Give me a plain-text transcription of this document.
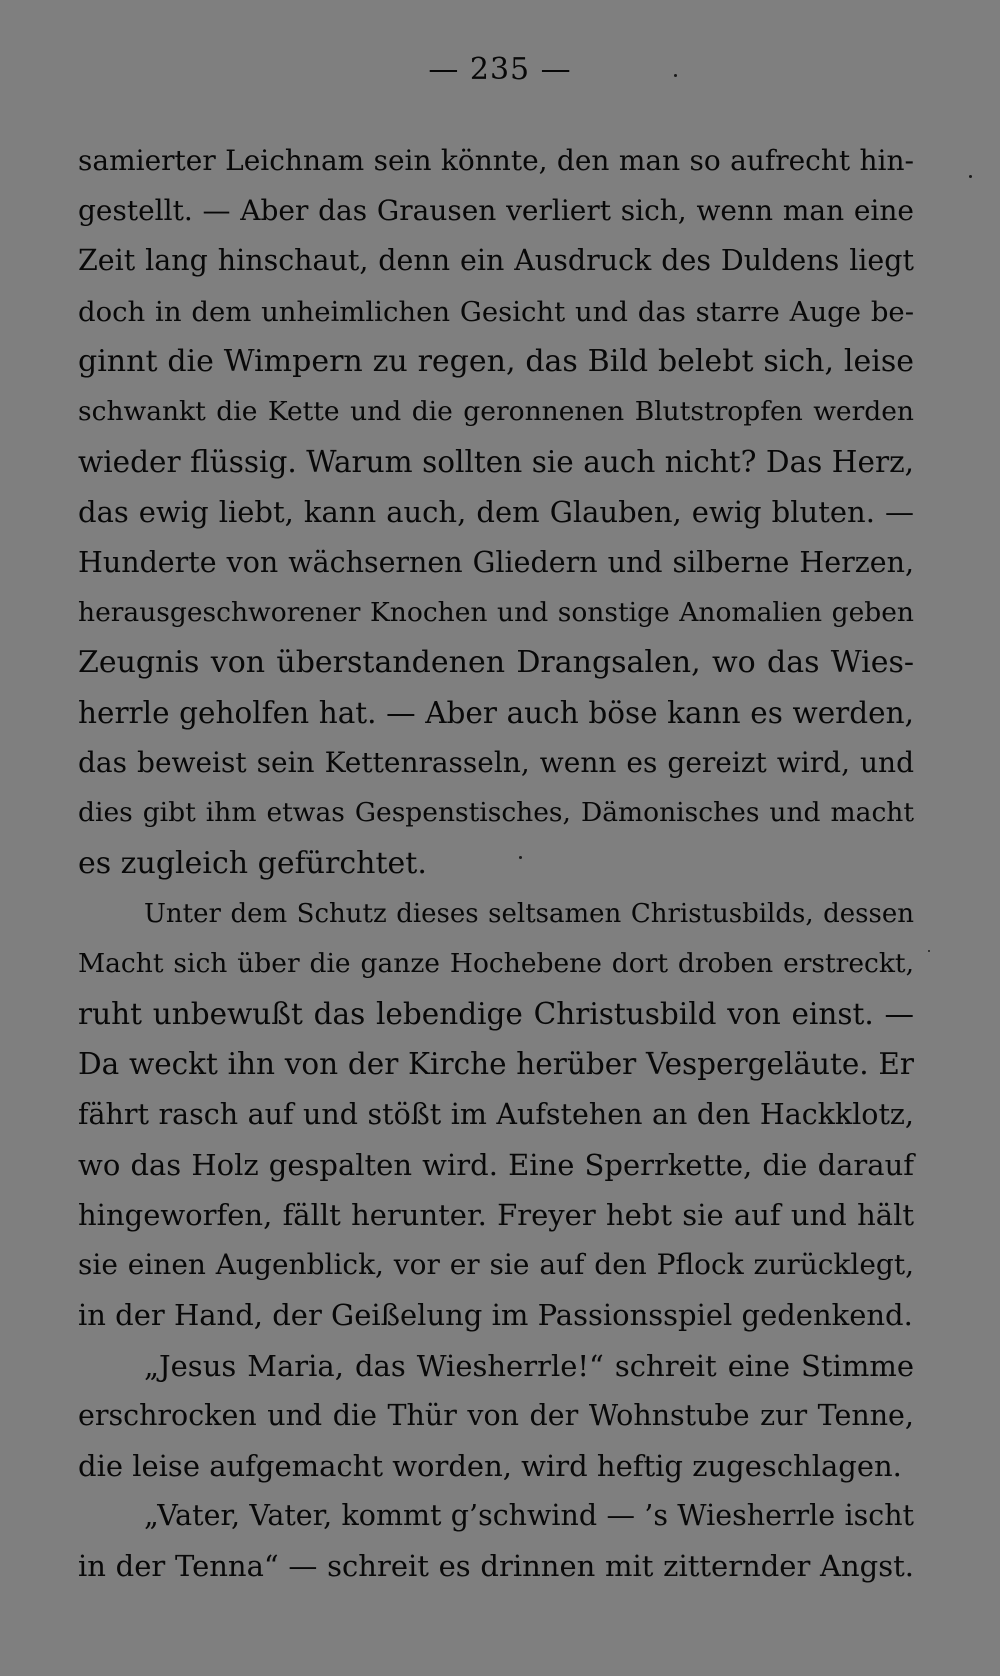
— 235 —
samierter Leichnam sein könnte, den man so aufrecht hin-
gestellt. — Aber das Grausen verliert sich, wenn man eine
Zeit lang hinschaut, denn ein Ausdruck des Duldens liegt
doch in dem unheimlichen Gesicht und das starre Auge be-
ginnt die Wimpern zu regen, das Bild belebt sich, leise
schwankt die Kette und die geronnenen Blutstropfen werden
wieder flüssig. Warum sollten sie auch nicht? Das Herz,
das ewig liebt, kann auch, dem Glauben, ewig bluten. —
Hunderte von wächsernen Gliedern und silberne Herzen,
herausgeschworener Knochen und sonstige Anomalien geben
Zeugnis von überstandenen Drangsalen, wo das Wies-
herrle geholfen hat. — Aber auch böse kann es werden,
das beweist sein Kettenrasseln, wenn es gereizt wird, und
dies gibt ihm etwas Gespenstisches, Dämonisches und macht
es zugleich gefürchtet.
Unter dem Schutz dieses seltsamen Christusbilds, dessen
Macht sich über die ganze Hochebene dort droben erstreckt,
ruht unbewußt das lebendige Christusbild von einst. —
Da weckt ihn von der Kirche herüber Vespergeläute. Er
fährt rasch auf und stößt im Aufstehen an den Hackklotz,
wo das Holz gespalten wird. Eine Sperrkette, die darauf
hingeworfen, fällt herunter. Freyer hebt sie auf und hält
sie einen Augenblick, vor er sie auf den Pflock zurücklegt,
in der Hand, der Geißelung im Passionsspiel gedenkend.
„Jesus Maria, das Wiesherrle!“ schreit eine Stimme
erschrocken und die Thür von der Wohnstube zur Tenne,
die leise aufgemacht worden, wird heftig zugeschlagen.
„Vater, Vater, kommt g’schwind — ’s Wiesherrle ischt
in der Tenna“ — schreit es drinnen mit zitternder Angst.
